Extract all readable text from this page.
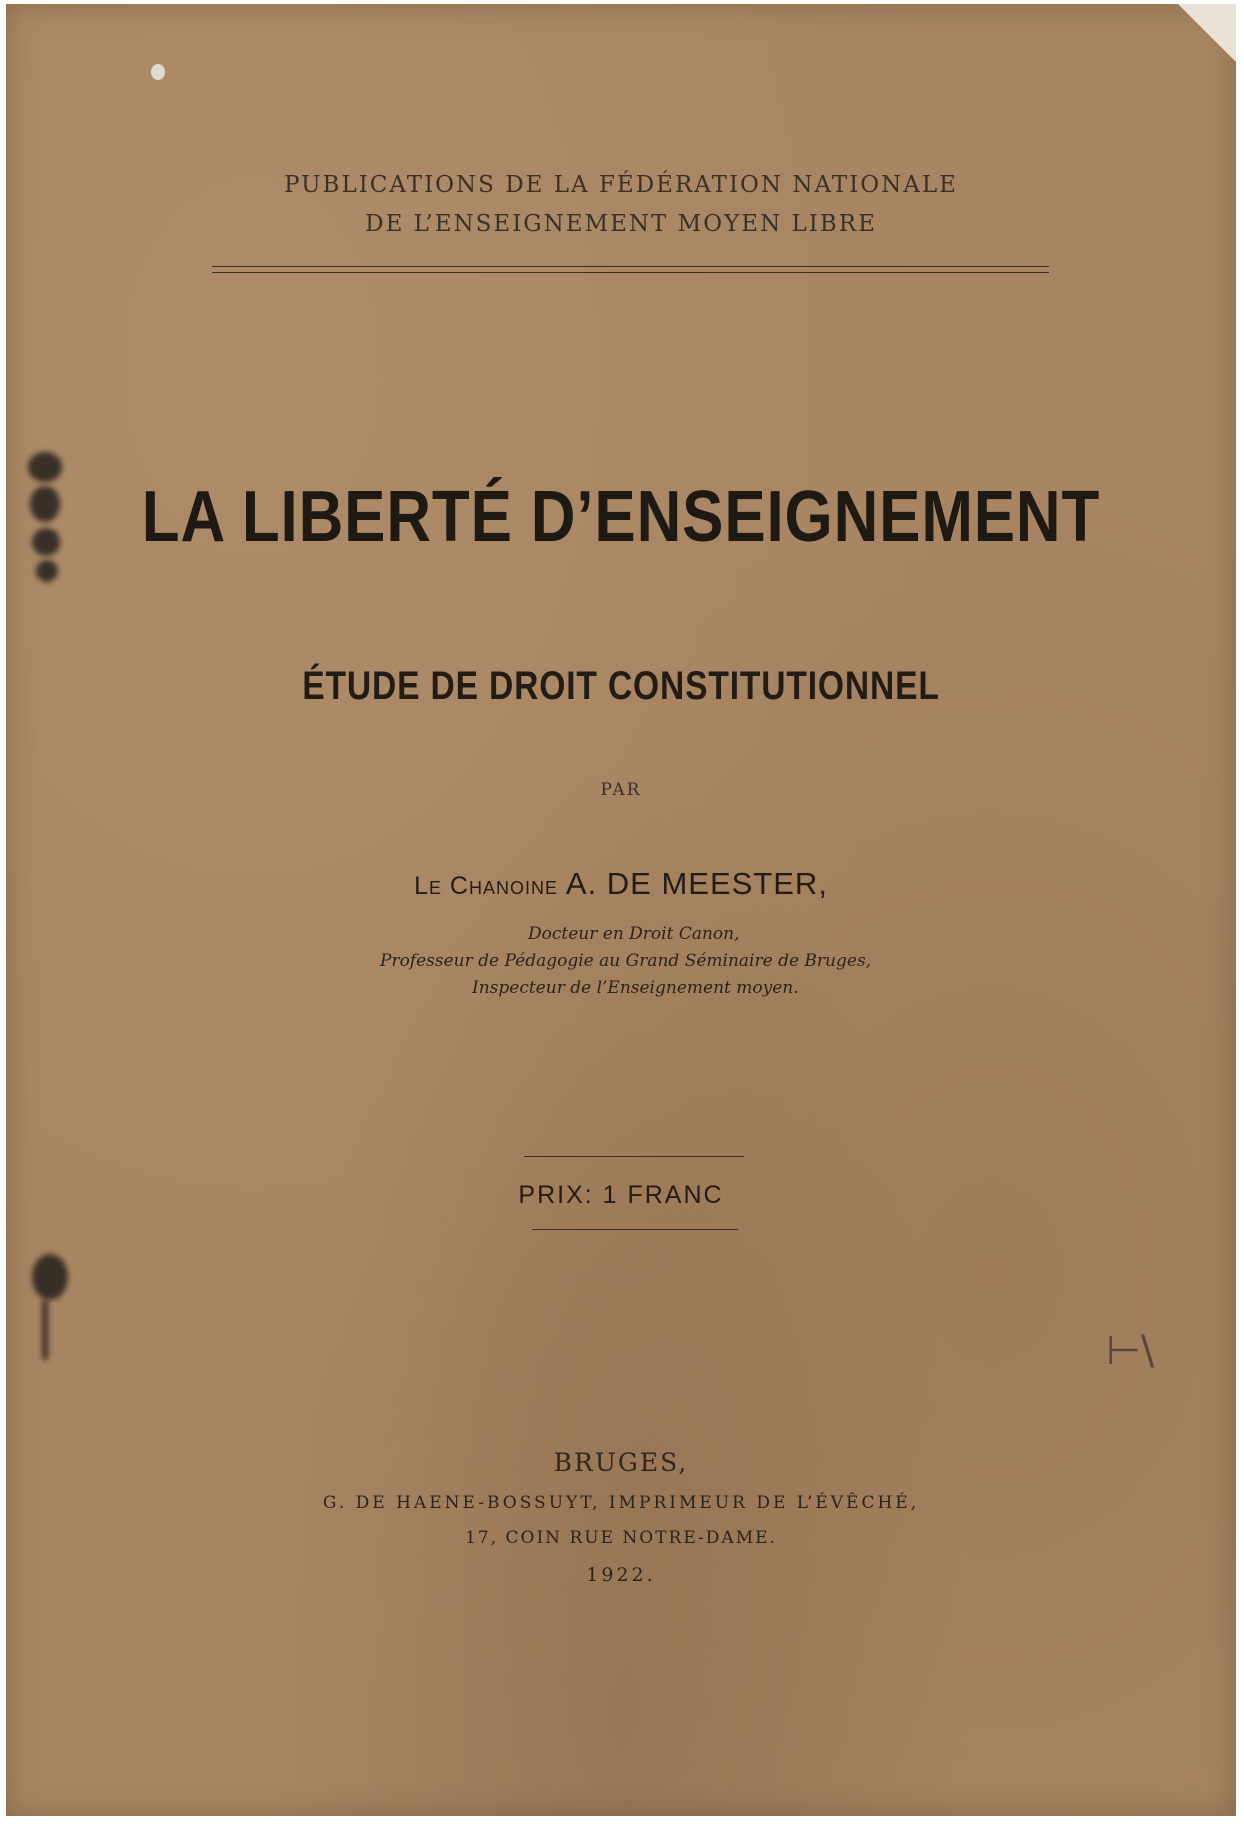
PUBLICATIONS DE LA FÉDÉRATION NATIONALE
DE L’ENSEIGNEMENT MOYEN LIBRE
LA LIBERTÉ D’ENSEIGNEMENT
ÉTUDE DE DROIT CONSTITUTIONNEL
PAR
Le Chanoine A. DE MEESTER,
Docteur en Droit Canon,
Professeur de Pédagogie au Grand Séminaire de Bruges,
Inspecteur de l’Enseignement moyen.
PRIX: 1 FRANC
BRUGES,
G. DE HAENE-BOSSUYT, IMPRIMEUR DE L’ÉVÊCHÉ,
17, COIN RUE NOTRE-DAME.
1922.
⊢\
